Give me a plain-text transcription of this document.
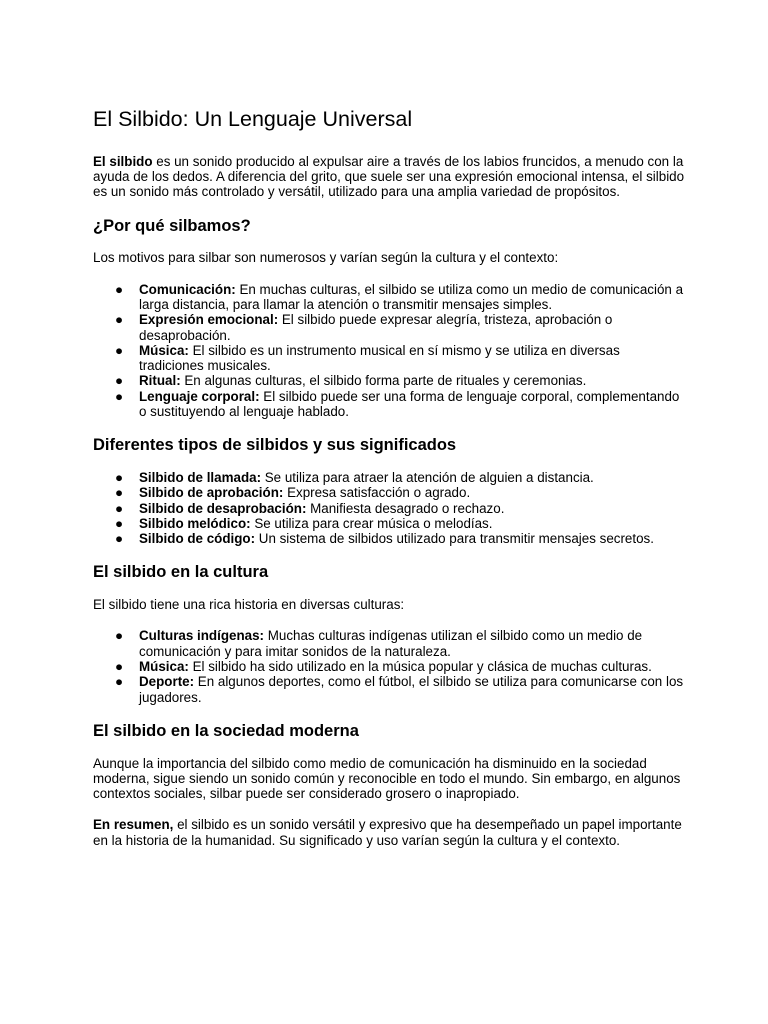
El Silbido: Un Lenguaje Universal

El silbido es un sonido producido al expulsar aire a través de los labios fruncidos, a menudo con la ayuda de los dedos. A diferencia del grito, que suele ser una expresión emocional intensa, el silbido es un sonido más controlado y versátil, utilizado para una amplia variedad de propósitos.

¿Por qué silbamos?

Los motivos para silbar son numerosos y varían según la cultura y el contexto:

● Comunicación: En muchas culturas, el silbido se utiliza como un medio de comunicación a larga distancia, para llamar la atención o transmitir mensajes simples.
● Expresión emocional: El silbido puede expresar alegría, tristeza, aprobación o desaprobación.
● Música: El silbido es un instrumento musical en sí mismo y se utiliza en diversas tradiciones musicales.
● Ritual: En algunas culturas, el silbido forma parte de rituales y ceremonias.
● Lenguaje corporal: El silbido puede ser una forma de lenguaje corporal, complementando o sustituyendo al lenguaje hablado.
Diferentes tipos de silbidos y sus significados
● Silbido de llamada: Se utiliza para atraer la atención de alguien a distancia.
● Silbido de aprobación: Expresa satisfacción o agrado.
● Silbido de desaprobación: Manifiesta desagrado o rechazo.
● Silbido melódico: Se utiliza para crear música o melodías.
● Silbido de código: Un sistema de silbidos utilizado para transmitir mensajes secretos.
El silbido en la cultura

El silbido tiene una rica historia en diversas culturas:

● Culturas indígenas: Muchas culturas indígenas utilizan el silbido como un medio de comunicación y para imitar sonidos de la naturaleza.
● Música: El silbido ha sido utilizado en la música popular y clásica de muchas culturas.
● Deporte: En algunos deportes, como el fútbol, el silbido se utiliza para comunicarse con los jugadores.
El silbido en la sociedad moderna

Aunque la importancia del silbido como medio de comunicación ha disminuido en la sociedad moderna, sigue siendo un sonido común y reconocible en todo el mundo. Sin embargo, en algunos contextos sociales, silbar puede ser considerado grosero o inapropiado.

En resumen, el silbido es un sonido versátil y expresivo que ha desempeñado un papel importante en la historia de la humanidad. Su significado y uso varían según la cultura y el contexto.
